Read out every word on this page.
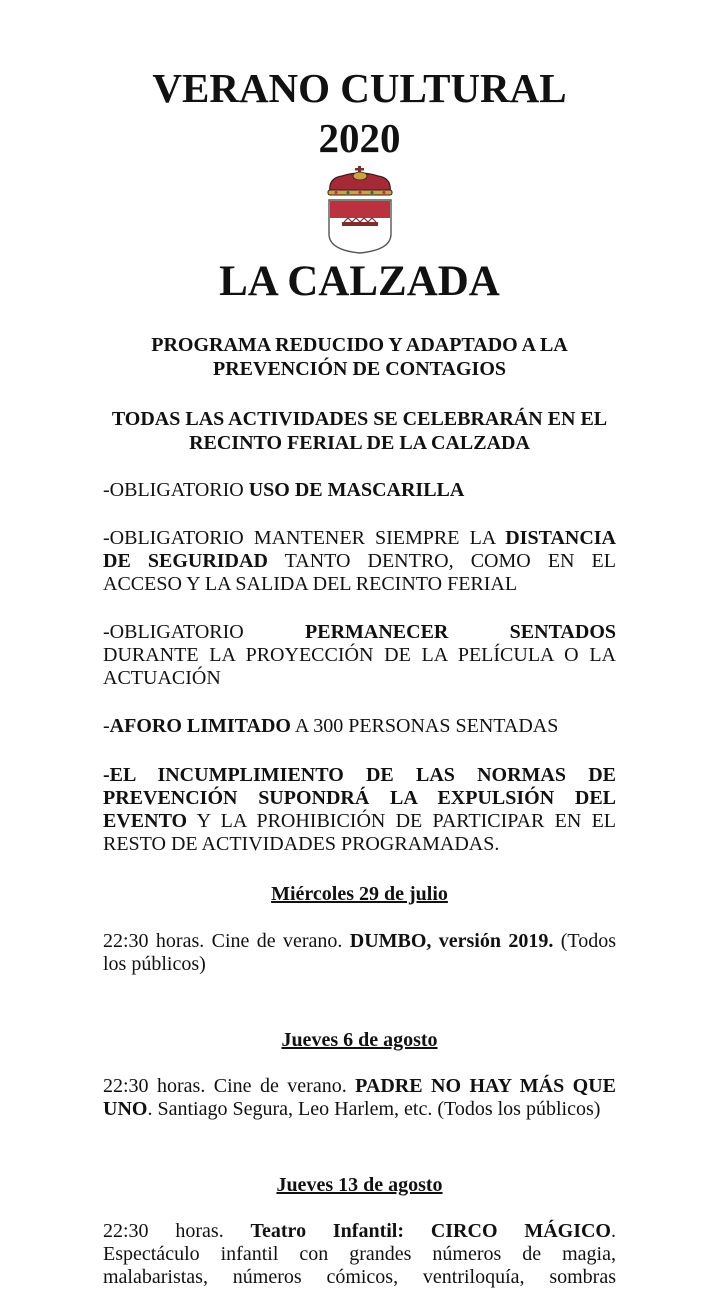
VERANO CULTURAL
2020
LA CALZADA
PROGRAMA REDUCIDO Y ADAPTADO A LA
PREVENCIÓN DE CONTAGIOS
TODAS LAS ACTIVIDADES SE CELEBRARÁN EN EL
RECINTO FERIAL DE LA CALZADA
-OBLIGATORIO USO DE MASCARILLA
-OBLIGATORIO MANTENER SIEMPRE LA DISTANCIA
DE SEGURIDAD TANTO DENTRO, COMO EN EL
ACCESO Y LA SALIDA DEL RECINTO FERIAL
-OBLIGATORIO	PERMANECER	SENTADOS
DURANTE LA PROYECCIÓN DE LA PELÍCULA O LA
ACTUACIÓN
-AFORO LIMITADO A 300 PERSONAS SENTADAS
-EL INCUMPLIMIENTO DE LAS NORMAS DE
PREVENCIÓN SUPONDRÁ LA EXPULSIÓN DEL
EVENTO Y LA PROHIBICIÓN DE PARTICIPAR EN EL
RESTO DE ACTIVIDADES PROGRAMADAS.
Miércoles 29 de julio
22:30 horas. Cine de verano. DUMBO, versión 2019. (Todos
los públicos)
Jueves 6 de agosto
22:30 horas. Cine de verano. PADRE NO HAY MÁS QUE
UNO. Santiago Segura, Leo Harlem, etc. (Todos los públicos)
Jueves 13 de agosto
22:30 horas. Teatro Infantil: CIRCO MÁGICO.
Espectáculo infantil con grandes números de magia,
malabaristas, números cómicos, ventriloquía, sombras
